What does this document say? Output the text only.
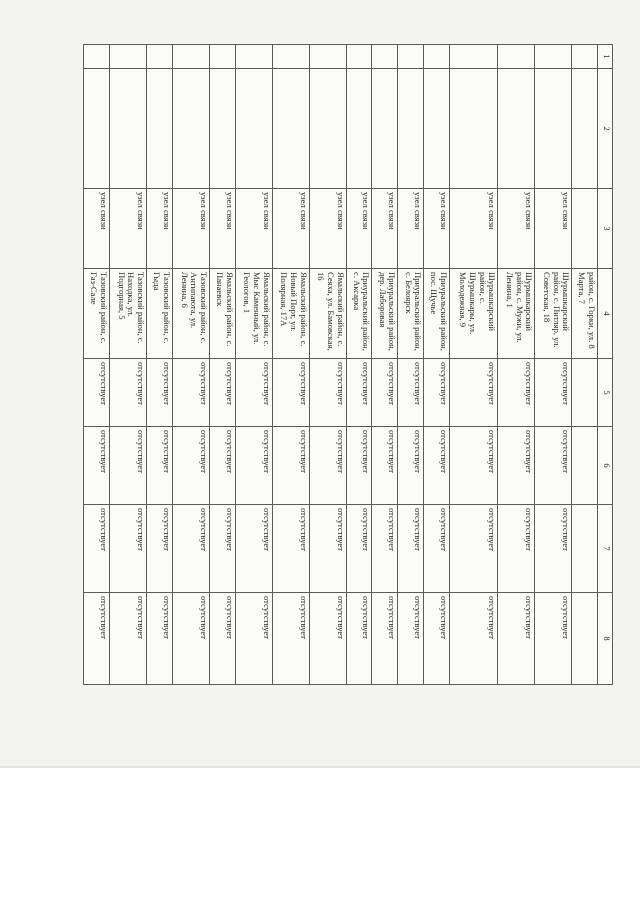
1	2	3	4	5	6	7	8
			район, с. Горки, ул. 8 Марта, 7				
		узел связи	Шурышкарский район, с. Питляр, ул. Советская, 18	отсутствует	отсутствует	отсутствует	отсутствует
		узел связи	Шурышкарский район, с. Мужи, ул. Ленина, 1	отсутствует	отсутствует	отсутствует	отсутствует
		узел связи	Шурышкарский район, с. Шурышкары, ул. Молодежная, 9	отсутствует	отсутствует	отсутствует	отсутствует
		узел связи	Приуральский район, пос. Щучье	отсутствует	отсутствует	отсутствует	отсутствует
		узел связи	Приуральский район, с. Белоярск	отсутствует	отсутствует	отсутствует	отсутствует
		узел связи	Приуральский район, дер. Лаборовая	отсутствует	отсутствует	отсутствует	отсутствует
		узел связи	Приуральский район, с. Аксарка	отсутствует	отсутствует	отсутствует	отсутствует
		узел связи	Ямальский район, с. Сеяха, ул. Бамовская, 16	отсутствует	отсутствует	отсутствует	отсутствует
		узел связи	Ямальский район, с. Новый Порт, ул. Полярная, 17А	отсутствует	отсутствует	отсутствует	отсутствует
		узел связи	Ямальский район, с. Мыс Каменный, ул. Геологов, 1	отсутствует	отсутствует	отсутствует	отсутствует
		узел связи	Ямальский район, с. Панаевск	отсутствует	отсутствует	отсутствует	отсутствует
		узел связи	Тазовский район, с. Антипаюта, ул. Ленина, 6	отсутствует	отсутствует	отсутствует	отсутствует
		узел связи	Тазовский район, с. Гыда	отсутствует	отсутствует	отсутствует	отсутствует
		узел связи	Тазовский район, с. Находка, ул. Подгорная, 5	отсутствует	отсутствует	отсутствует	отсутствует
		узел связи	Тазовский район, с. Газ-Сале	отсутствует	отсутствует	отсутствует	отсутствует
